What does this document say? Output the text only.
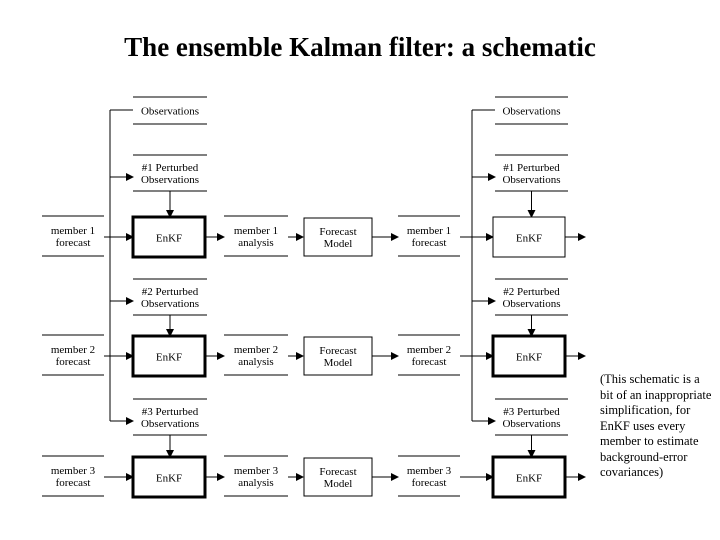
The ensemble Kalman filter: a schematic
Observations
#1 Perturbed Observations
EnKF
member 1 forecast
#2 Perturbed Observations
EnKF
member 2 forecast
#3 Perturbed Observations
EnKF
member 3 forecast
Observations
#1 Perturbed Observations
EnKF
member 1 forecast
#2 Perturbed Observations
EnKF
member 2 forecast
#3 Perturbed Observations
EnKF
member 3 forecast
member 1 analysis
Forecast Model
member 2 analysis
Forecast Model
member 3 analysis
Forecast Model
(This schematic is a bit of an inappropriate simplification, for EnKF uses every member to estimate background-error covariances)
